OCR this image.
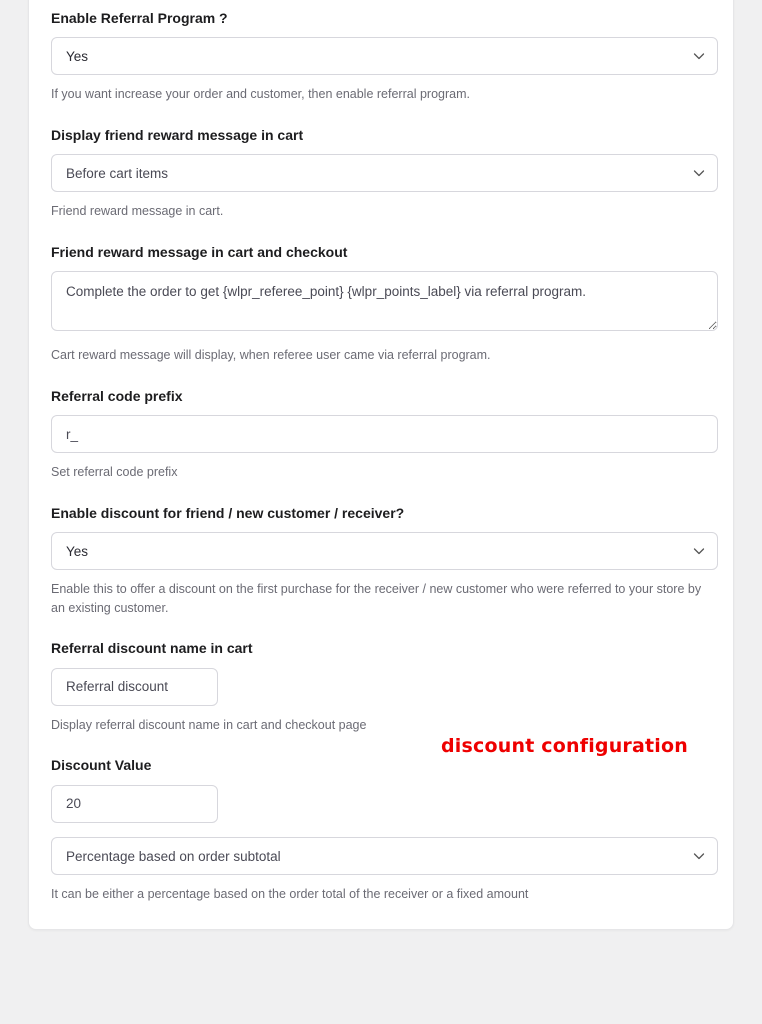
Enable Referral Program ?
Yes
If you want increase your order and customer, then enable referral program.
Display friend reward message in cart
Before cart items
Friend reward message in cart.
Friend reward message in cart and checkout
Complete the order to get {wlpr_referee_point} {wlpr_points_label} via referral program.
Cart reward message will display, when referee user came via referral program.
Referral code prefix
r_
Set referral code prefix
Enable discount for friend / new customer / receiver?
Yes
Enable this to offer a discount on the first purchase for the receiver / new customer who were referred to your store by an existing customer.
Referral discount name in cart
Referral discount
Display referral discount name in cart and checkout page
Discount Value
20
Percentage based on order subtotal
It can be either a percentage based on the order total of the receiver or a fixed amount
discount configuration
